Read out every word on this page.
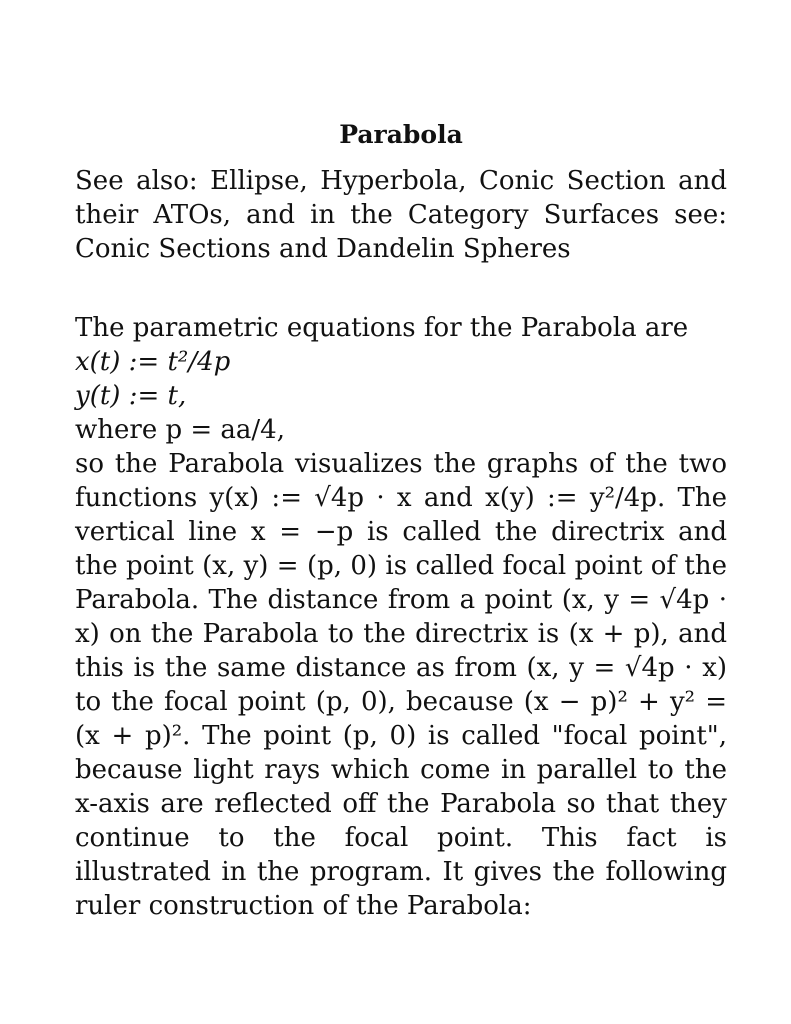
Parabola

See also: Ellipse, Hyperbola, Conic Section and their ATOs, and in the Category Surfaces see: Conic Sections and Dandelin Spheres

The parametric equations for the Parabola are
x(t) := t²/4p
y(t) := t,
where p = aa/4,

so the Parabola visualizes the graphs of the two functions y(x) := √4p · x and x(y) := y²/4p. The vertical line x = −p is called the directrix and the point (x, y) = (p, 0) is called focal point of the Parabola. The distance from a point (x, y = √4p · x) on the Parabola to the directrix is (x + p), and this is the same distance as from (x, y = √4p · x) to the focal point (p, 0), because (x − p)² + y² = (x + p)². The point (p, 0) is called "focal point", because light rays which come in parallel to the x-axis are reflected off the Parabola so that they continue to the focal point. This fact is illustrated in the program. It gives the following ruler construction of the Parabola:
